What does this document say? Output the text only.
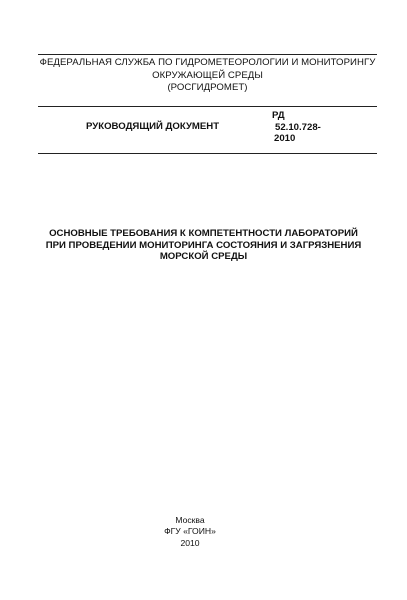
ФЕДЕРАЛЬНАЯ СЛУЖБА ПО ГИДРОМЕТЕОРОЛОГИИ И МОНИТОРИНГУ
ОКРУЖАЮЩЕЙ СРЕДЫ
(РОСГИДРОМЕТ)
РУКОВОДЯЩИЙ ДОКУМЕНТ
РД
52.10.728-
2010
ОСНОВНЫЕ ТРЕБОВАНИЯ К КОМПЕТЕНТНОСТИ ЛАБОРАТОРИЙ
ПРИ ПРОВЕДЕНИИ МОНИТОРИНГА СОСТОЯНИЯ И ЗАГРЯЗНЕНИЯ
МОРСКОЙ СРЕДЫ
Москва
ФГУ «ГОИН»
2010
